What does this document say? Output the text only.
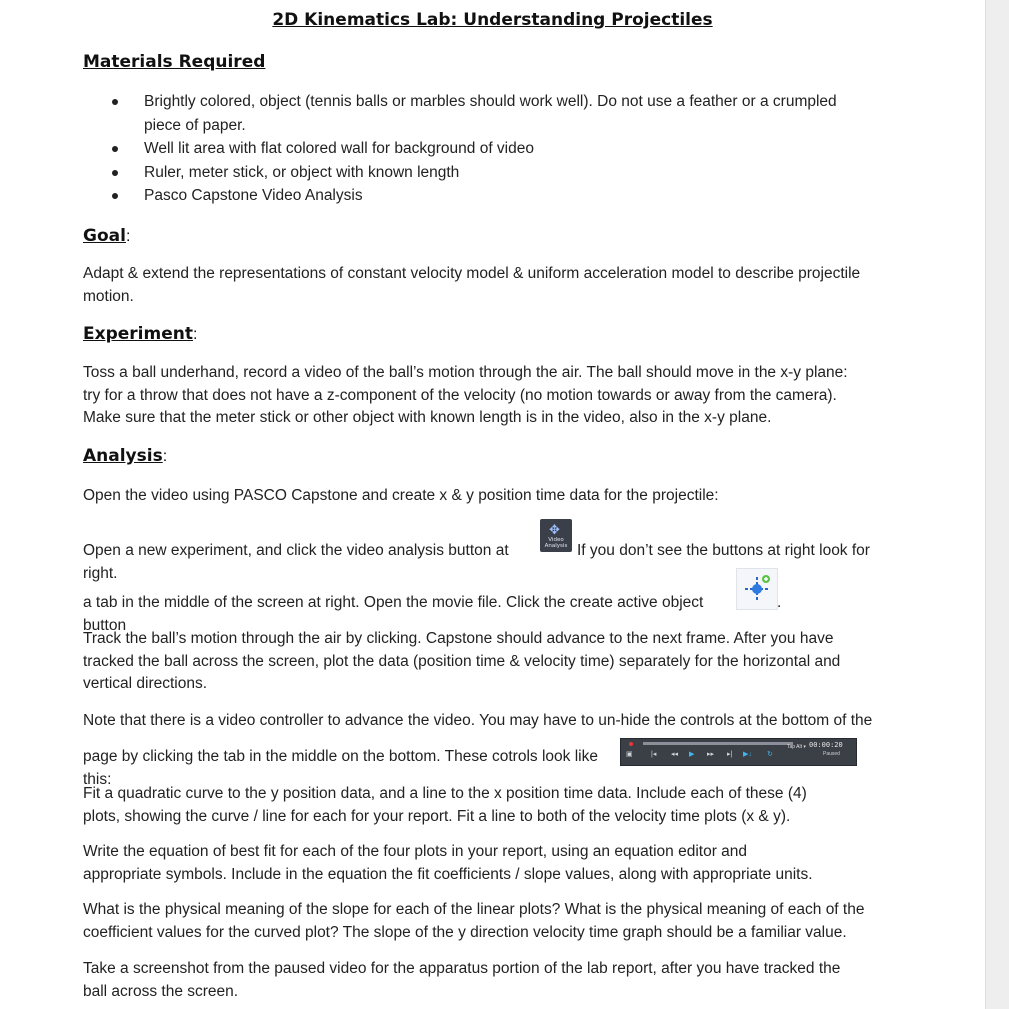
2D Kinematics Lab: Understanding Projectiles
Materials Required
Brightly colored, object (tennis balls or marbles should work well). Do not use a feather or a crumpled piece of paper.
Well lit area with flat colored wall for background of video
Ruler, meter stick, or object with known length
Pasco Capstone Video Analysis
Goal:
Adapt & extend the representations of constant velocity model & uniform acceleration model to describe projectile motion.
Experiment:
Toss a ball underhand, record a video of the ball’s motion through the air. The ball should move in the x-y plane: try for a throw that does not have a z-component of the velocity (no motion towards or away from the camera). Make sure that the meter stick or other object with known length is in the video, also in the x-y plane.
Analysis:
Open the video using PASCO Capstone and create x & y position time data for the projectile:
Open a new experiment, and click the video analysis button at right.
✥
Video
Analysis If you don’t see the buttons at right look for
a tab in the middle of the screen at right. Open the movie file. Click the create active object button
.
Track the ball’s motion through the air by clicking. Capstone should advance to the next frame. After you have tracked the ball across the screen, plot the data (position time & velocity time) separately for the horizontal and vertical directions.
Note that there is a video controller to advance the video. You may have to un-hide the controls at the bottom of the
page by clicking the tab in the middle on the bottom. These cotrols look like this:
Tap Alt ▾ 00:00:20
Paused
▣	|◂ ◂◂ ▶ ▸▸ ▸| ▶↓ ↻
Fit a quadratic curve to the y position data, and a line to the x position time data. Include each of these (4) plots, showing the curve / line for each for your report. Fit a line to both of the velocity time plots (x & y).
Write the equation of best fit for each of the four plots in your report, using an equation editor and appropriate symbols. Include in the equation the fit coefficients / slope values, along with appropriate units.
What is the physical meaning of the slope for each of the linear plots? What is the physical meaning of each of the coefficient values for the curved plot? The slope of the y direction velocity time graph should be a familiar value.
Take a screenshot from the paused video for the apparatus portion of the lab report, after you have tracked the ball across the screen.
